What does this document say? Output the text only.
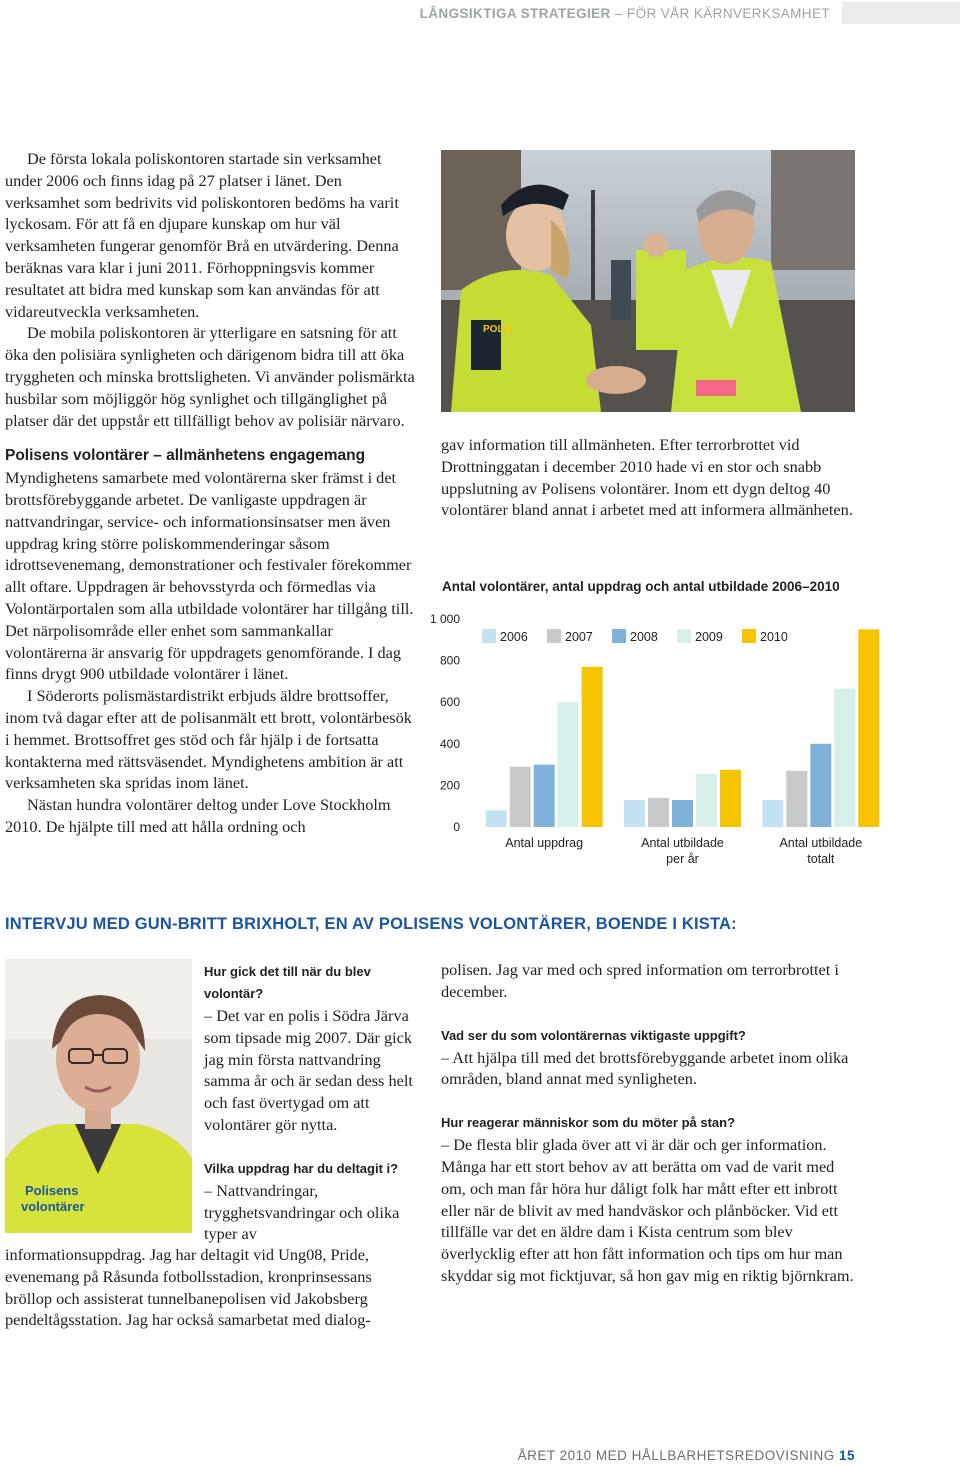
LÅNGSIKTIGA STRATEGIER – FÖR VÅR KÄRNVERKSAMHET

De första lokala poliskontoren startade sin verksamhet under 2006 och finns idag på 27 platser i länet. Den verksamhet som bedrivits vid poliskontoren bedöms ha varit lyckosam. För att få en djupare kunskap om hur väl verksamheten fungerar genomför Brå en utvärdering. Denna beräknas vara klar i juni 2011. Förhoppningsvis kommer resultatet att bidra med kunskap som kan användas för att vidareutveckla verksamheten.

De mobila poliskontoren är ytterligare en satsning för att öka den polisiära synligheten och därigenom bidra till att öka tryggheten och minska brottsligheten. Vi använder polismärkta husbilar som möjliggör hög synlighet och tillgänglighet på platser där det uppstår ett tillfälligt behov av polisiär närvaro.

Polisens volontärer – allmänhetens engagemang

Myndighetens samarbete med volontärerna sker främst i det brottsförebyggande arbetet. De vanligaste uppdragen är nattvandringar, service- och informationsinsatser men även uppdrag kring större poliskommenderingar såsom idrottsevenemang, demonstrationer och festivaler förekommer allt oftare. Uppdragen är behovsstyrda och förmedlas via Volontärportalen som alla utbildade volontärer har tillgång till. Det närpolisområde eller enhet som sammankallar volontärerna är ansvarig för uppdragets genomförande. I dag finns drygt 900 utbildade volontärer i länet.

I Söderorts polismästardistrikt erbjuds äldre brottsoffer, inom två dagar efter att de polisanmält ett brott, volontärbesök i hemmet. Brottsoffret ges stöd och får hjälp i de fortsatta kontakterna med rättsväsendet. Myndighetens ambition är att verksamheten ska spridas inom länet.

Nästan hundra volontärer deltog under Love Stockholm 2010. De hjälpte till med att hålla ordning och

POLIS

gav information till allmänheten. Efter terrorbrottet vid Drottninggatan i december 2010 hade vi en stor och snabb uppslutning av Polisens volontärer. Inom ett dygn deltog 40 volontärer bland annat i arbetet med att informera allmänheten.

Antal volontärer, antal uppdrag och antal utbildade 2006–2010
0
200
400
600
800
1 000
2006	2007	2008	2009	2010
Antal uppdrag	Antal utbildade
per år
Antal utbildade
totalt
INTERVJU MED GUN-BRITT BRIXHOLT, EN AV POLISENS VOLONTÄRER, BOENDE I KISTA:
Polisens
volontärer

Hur gick det till när du blev volontär?

– Det var en polis i Södra Järva som tipsade mig 2007. Där gick jag min första nattvandring samma år och är sedan dess helt och fast övertygad om att volontärer gör nytta.

Vilka uppdrag har du deltagit i?

– Nattvandringar, trygghetsvandringar och olika typer av

informationsuppdrag. Jag har deltagit vid Ung08, Pride, evenemang på Råsunda fotbollsstadion, kronprinsessans bröllop och assisterat tunnelbanepolisen vid Jakobsberg pendeltågsstation. Jag har också samarbetat med dialog-

polisen. Jag var med och spred information om terrorbrottet i december.

Vad ser du som volontärernas viktigaste uppgift?

– Att hjälpa till med det brottsförebyggande arbetet inom olika områden, bland annat med synligheten.

Hur reagerar människor som du möter på stan?

– De flesta blir glada över att vi är där och ger information. Många har ett stort behov av att berätta om vad de varit med om, och man får höra hur dåligt folk har mått efter ett inbrott eller när de blivit av med handväskor och plånböcker. Vid ett tillfälle var det en äldre dam i Kista centrum som blev överlycklig efter att hon fått information och tips om hur man skyddar sig mot ficktjuvar, så hon gav mig en riktig björnkram.

ÅRET 2010 MED HÅLLBARHETSREDOVISNING 15
